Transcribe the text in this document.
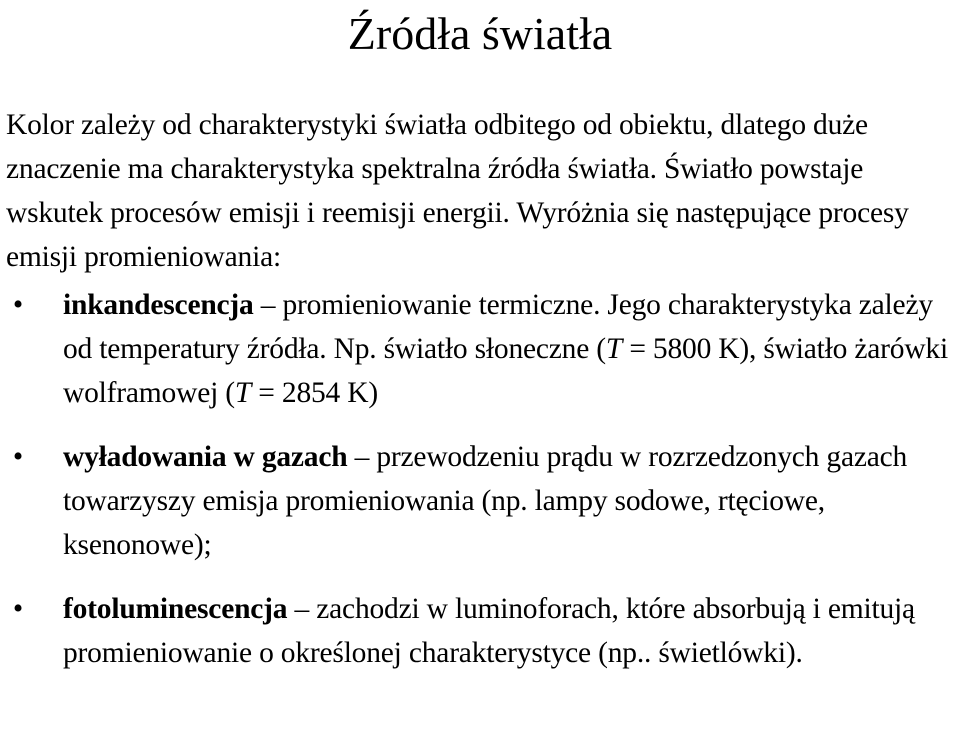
Źródła światła

Kolor zależy od charakterystyki światła odbitego od obiektu, dlatego duże znaczenie ma charakterystyka spektralna źródła światła. Światło powstaje wskutek procesów emisji i reemisji energii. Wyróżnia się następujące procesy emisji promieniowania:

• inkandescencja – promieniowanie termiczne. Jego charakterystyka zależy od temperatury źródła. Np. światło słoneczne (T = 5800 K), światło żarówki wolframowej (T = 2854 K)
• wyładowania w gazach – przewodzeniu prądu w rozrzedzonych gazach towarzyszy emisja promieniowania (np. lampy sodowe, rtęciowe, ksenonowe);
• fotoluminescencja – zachodzi w luminoforach, które absorbują i emitują promieniowanie o określonej charakterystyce (np.. świetlówki).
